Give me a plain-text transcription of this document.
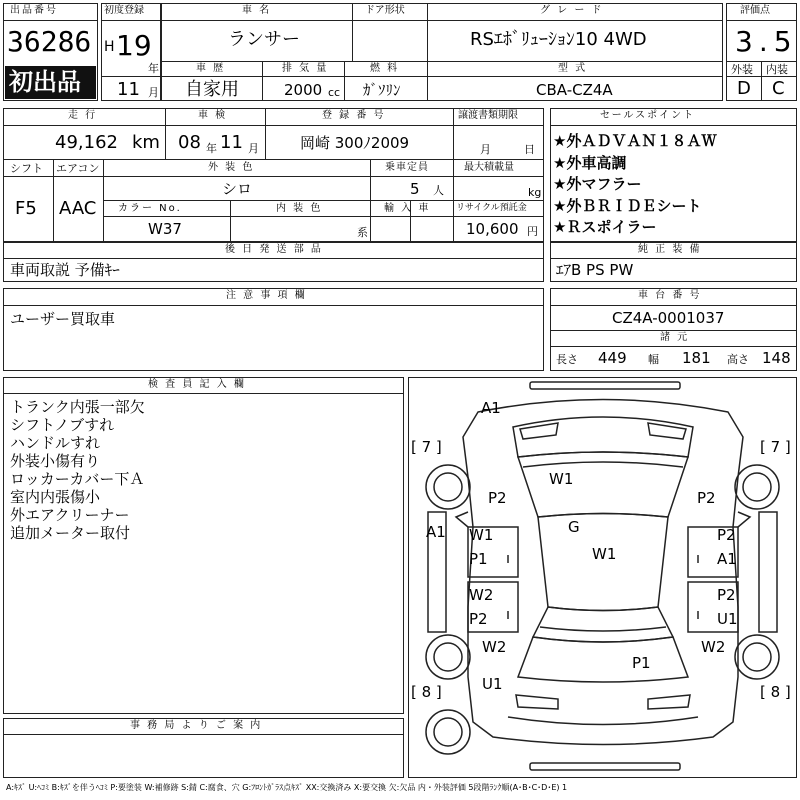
出品番号
36286
初出品
初度登録
H 19
年
11 月
車 名
ランサー
ドア形状	グ レ ー ド
RSｴﾎﾞﾘｭｰｼｮﾝ10 4WD
車 歴
自家用
排 気 量
2000 cc
燃 料
ｶﾞｿﾘﾝ
型 式
CBA-CZ4A
評価点
3.5
外装 内装
D C
走 行
49,162 km
車 検
08 年 11 月
登 録 番 号
岡崎 300ﾉ2009
譲渡書類期限
月	日
シフト
F5
エアコン
AAC
外 装 色
シロ
乗車定員
5 人
最大積載量
kg
カラー No.
W37
内 装 色
系
輸 入 車	リサイクル預託金
10,600 円
セールスポイント
★外ＡＤＶＡＮ１８ＡＷ
★外車高調
★外マフラー
★外ＢＲＩＤＥシート
★Ｒスポイラー
後 日 発 送 部 品
車両取説 予備ｷｰ
純 正 装 備
ｴｱB PS PW
注 意 事 項 欄
ユーザー買取車
車 台 番 号
CZ4A-0001037
諸 元
長さ 449 幅 181 高さ 148
検 査 員 記 入 欄
トランク内張一部欠
シフトノブすれ
ハンドルすれ
外装小傷有り
ロッカーカバー下Ａ
室内内張傷小
外エアクリーナー
追加メーター取付
事 務 局 よ り ご 案 内
A1
W1
P2	P2
A1	G
W1
W1
P1
P2
A1
W2
P2
P2
U1
W2	W2
P1
U1
[ 7 ]	[ 7 ]
[ 8 ]	[ 8 ]
A:ｷｽﾞ U:ﾍｺﾐ B:ｷｽﾞを伴うﾍｺﾐ P:要塗装 W:補修跡 S:錆 C:腐食、穴 G:ﾌﾛﾝﾄｶﾞﾗｽ点ｷｽﾞ XX:交換済み X:要交換 欠:欠品 内・外装評価 5段階ﾗﾝｸ順(A･B･C･D･E) 1
